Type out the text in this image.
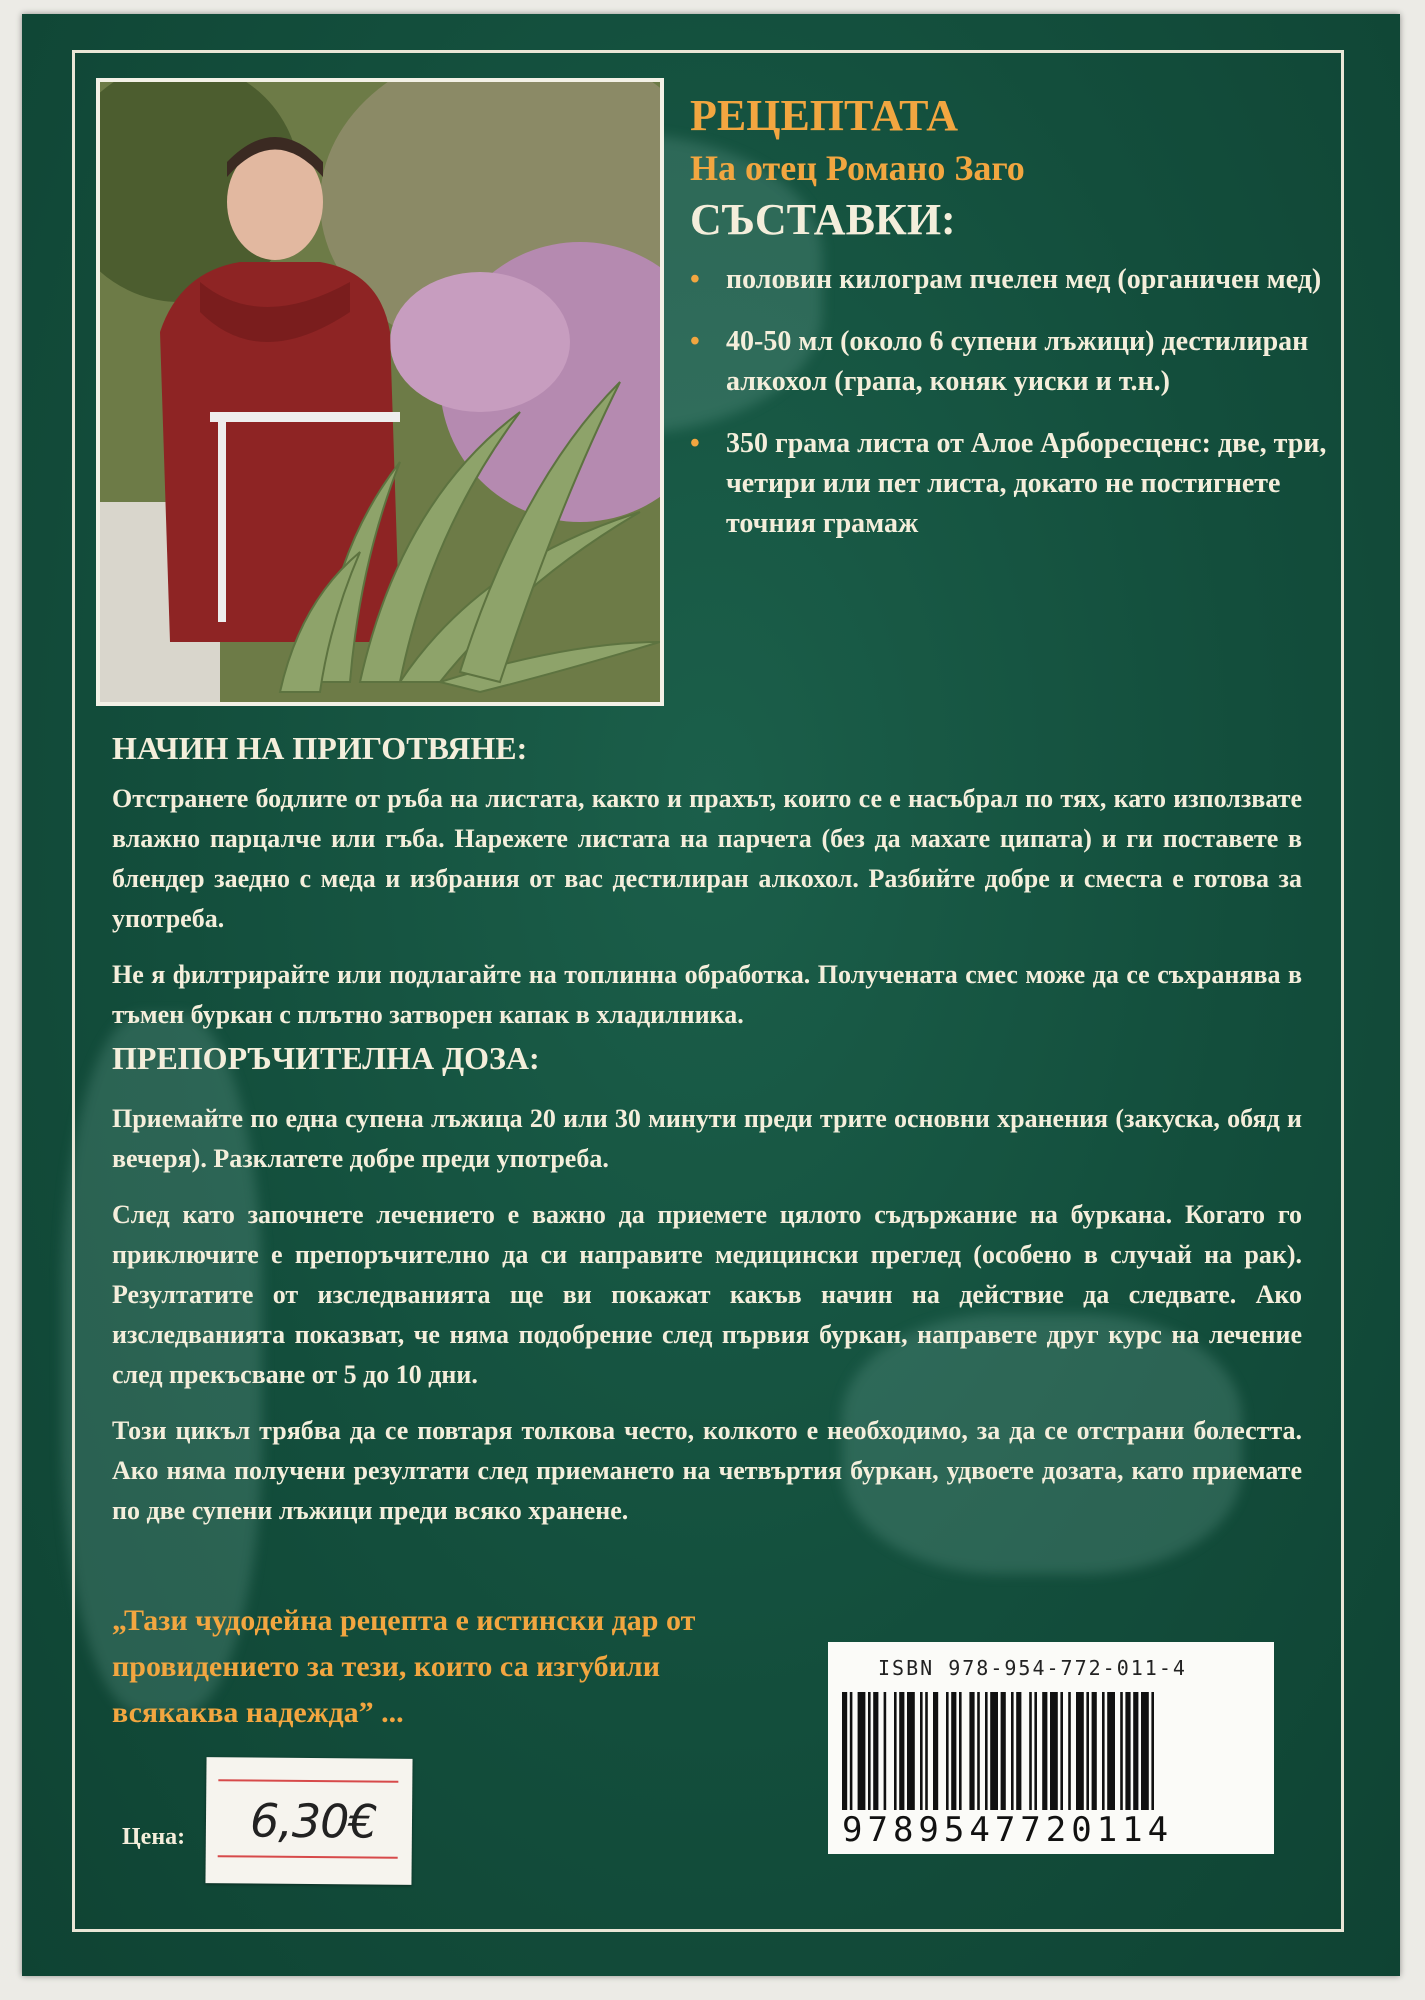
РЕЦЕПТАТА
На отец Романо Заго
СЪСТАВКИ:
• половин килограм пчелен мед (органичен мед)
• 40-50 мл (около 6 супени лъжици) дестилиран алкохол (грапа, коняк уиски и т.н.)
• 350 грама листа от Алое Арборесценс: две, три, четири или пет листа, докато не постигнете точния грамаж
НАЧИН НА ПРИГОТВЯНЕ:

Отстранете бодлите от ръба на листата, както и прахът, които се е насъбрал по тях, като използвате влажно парцалче или гъба. Нарежете листата на парчета (без да махате ципата) и ги поставете в блендер заедно с меда и избрания от вас дестилиран алкохол. Разбийте добре и сместа е готова за употреба.

Не я филтрирайте или подлагайте на топлинна обработка. Получената смес може да се съхранява в тъмен буркан с плътно затворен капак в хладилника.

ПРЕПОРЪЧИТЕЛНА ДОЗА:

Приемайте по една супена лъжица 20 или 30 минути преди трите основни хранения (закуска, обяд и вечеря). Разклатете добре преди употреба.

След като започнете лечението е важно да приемете цялото съдържание на буркана. Когато го приключите е препоръчително да си направите медицински преглед (особено в случай на рак). Резултатите от изследванията ще ви покажат какъв начин на действие да следвате. Ако изследванията показват, че няма подобрение след първия буркан, направете друг курс на лечение след прекъсване от 5 до 10 дни.

Този цикъл трябва да се повтаря толкова често, колкото е необходимо, за да се отстрани болестта. Ако няма получени резултати след приемането на четвъртия буркан, удвоете дозата, като приемате по две супени лъжици преди всяко хранене.

„Тази чудодейна рецепта е истински дар от провидението за тези, които са изгубили всякаква надежда” ...
Цена: 6,30€
ISBN 978-954-772-011-4
9789547720114
